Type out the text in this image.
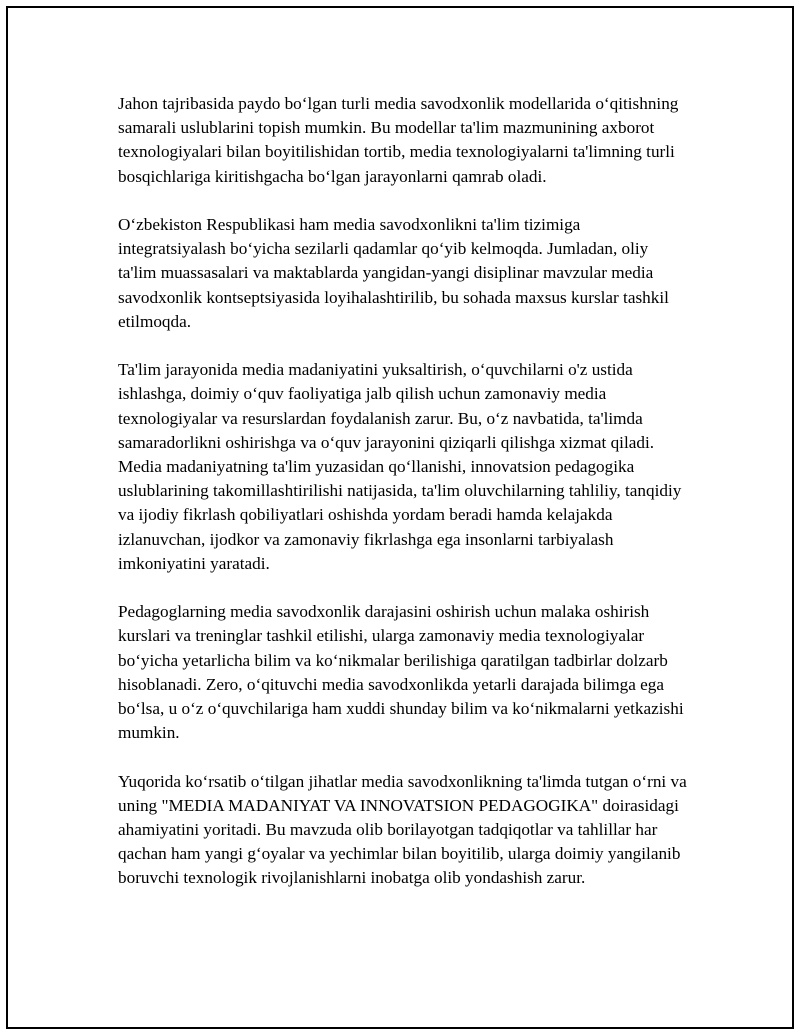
Jahon tajribasida paydo boʻlgan turli media savodxonlik modellarida oʻqitishning samarali uslublarini topish mumkin. Bu modellar ta'lim mazmunining axborot texnologiyalari bilan boyitilishidan tortib, media texnologiyalarni ta'limning turli bosqichlariga kiritishgacha boʻlgan jarayonlarni qamrab oladi.

Oʻzbekiston Respublikasi ham media savodxonlikni ta'lim tizimiga integratsiyalash boʻyicha sezilarli qadamlar qoʻyib kelmoqda. Jumladan, oliy ta'lim muassasalari va maktablarda yangidan-yangi disiplinar mavzular media savodxonlik kontseptsiyasida loyihalashtirilib, bu sohada maxsus kurslar tashkil etilmoqda.

Ta'lim jarayonida media madaniyatini yuksaltirish, oʻquvchilarni o'z ustida ishlashga, doimiy oʻquv faoliyatiga jalb qilish uchun zamonaviy media texnologiyalar va resurslardan foydalanish zarur. Bu, oʻz navbatida, ta'limda samaradorlikni oshirishga va oʻquv jarayonini qiziqarli qilishga xizmat qiladi. Media madaniyatning ta'lim yuzasidan qoʻllanishi, innovatsion pedagogika uslublarining takomillashtirilishi natijasida, ta'lim oluvchilarning tahliliy, tanqidiy va ijodiy fikrlash qobiliyatlari oshishda yordam beradi hamda kelajakda izlanuvchan, ijodkor va zamonaviy fikrlashga ega insonlarni tarbiyalash imkoniyatini yaratadi.

Pedagoglarning media savodxonlik darajasini oshirish uchun malaka oshirish kurslari va treninglar tashkil etilishi, ularga zamonaviy media texnologiyalar boʻyicha yetarlicha bilim va koʻnikmalar berilishiga qaratilgan tadbirlar dolzarb hisoblanadi. Zero, oʻqituvchi media savodxonlikda yetarli darajada bilimga ega boʻlsa, u oʻz oʻquvchilariga ham xuddi shunday bilim va koʻnikmalarni yetkazishi mumkin.

Yuqorida koʻrsatib oʻtilgan jihatlar media savodxonlikning ta'limda tutgan oʻrni va uning "MEDIA MADANIYAT VA INNOVATSION PEDAGOGIKA" doirasidagi ahamiyatini yoritadi. Bu mavzuda olib borilayotgan tadqiqotlar va tahlillar har qachan ham yangi gʻoyalar va yechimlar bilan boyitilib, ularga doimiy yangilanib boruvchi texnologik rivojlanishlarni inobatga olib yondashish zarur.
